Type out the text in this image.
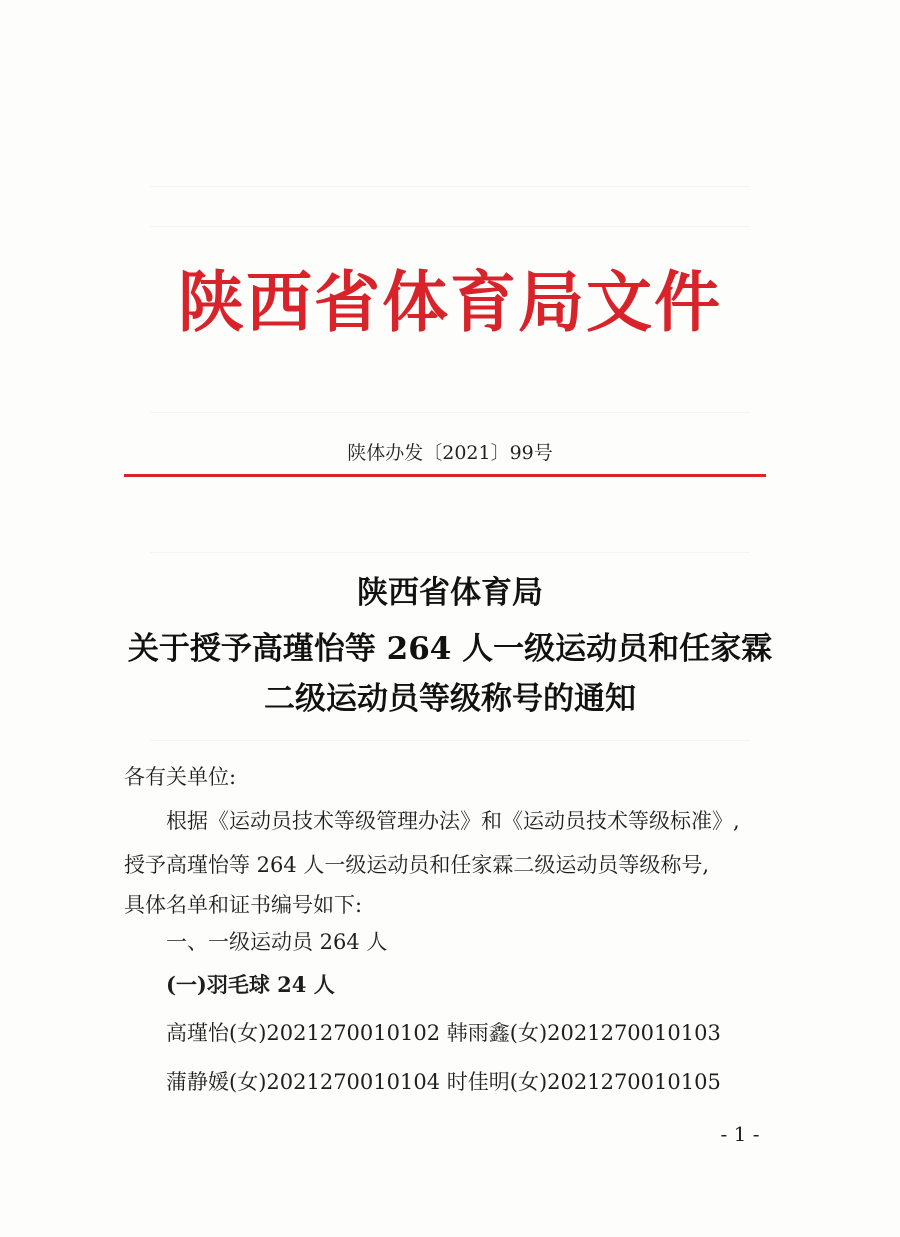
陕西省体育局文件
陕体办发〔2021〕99号
陕西省体育局
关于授予高瑾怡等 264 人一级运动员和任家霖
二级运动员等级称号的通知
各有关单位:
根据《运动员技术等级管理办法》和《运动员技术等级标准》,
授予高瑾怡等 264 人一级运动员和任家霖二级运动员等级称号,
具体名单和证书编号如下:
一、一级运动员 264 人
(一)羽毛球 24 人
高瑾怡(女)2021270010102 韩雨鑫(女)2021270010103
蒲静媛(女)2021270010104 时佳明(女)2021270010105
- 1 -
